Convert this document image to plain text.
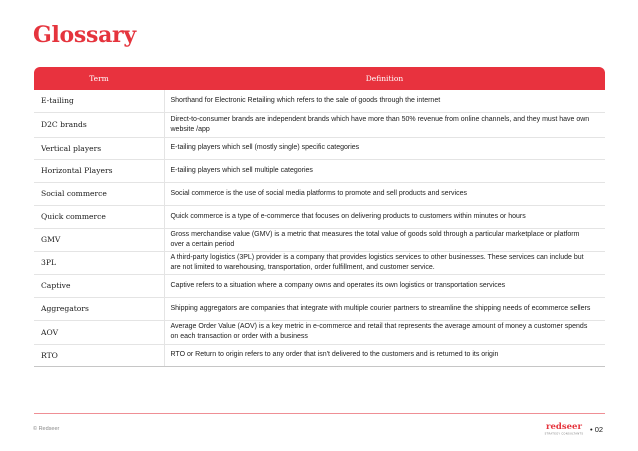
Glossary
Term	Definition
E-tailing	Shorthand for Electronic Retailing which refers to the sale of goods through the internet
D2C brands	Direct-to-consumer brands are independent brands which have more than 50% revenue from online channels, and they must have own website /app
Vertical players	E-tailing players which sell (mostly single) specific categories
Horizontal Players	E-tailing players which sell multiple categories
Social commerce	Social commerce is the use of social media platforms to promote and sell products and services
Quick commerce	Quick commerce is a type of e-commerce that focuses on delivering products to customers within minutes or hours
GMV	Gross merchandise value (GMV) is a metric that measures the total value of goods sold through a particular marketplace or platform over a certain period
3PL	A third-party logistics (3PL) provider is a company that provides logistics services to other businesses. These services can include but are not limited to warehousing, transportation, order fulfillment, and customer service.
Captive	Captive refers to a situation where a company owns and operates its own logistics or transportation services
Aggregators	Shipping aggregators are companies that integrate with multiple courier partners to streamline the shipping needs of ecommerce sellers
AOV	Average Order Value (AOV) is a key metric in e-commerce and retail that represents the average amount of money a customer spends on each transaction or order with a business
RTO	RTO or Return to origin refers to any order that isn't delivered to the customers and is returned to its origin
© Redseer	redseer
STRATEGY CONSULTANTS • 02
